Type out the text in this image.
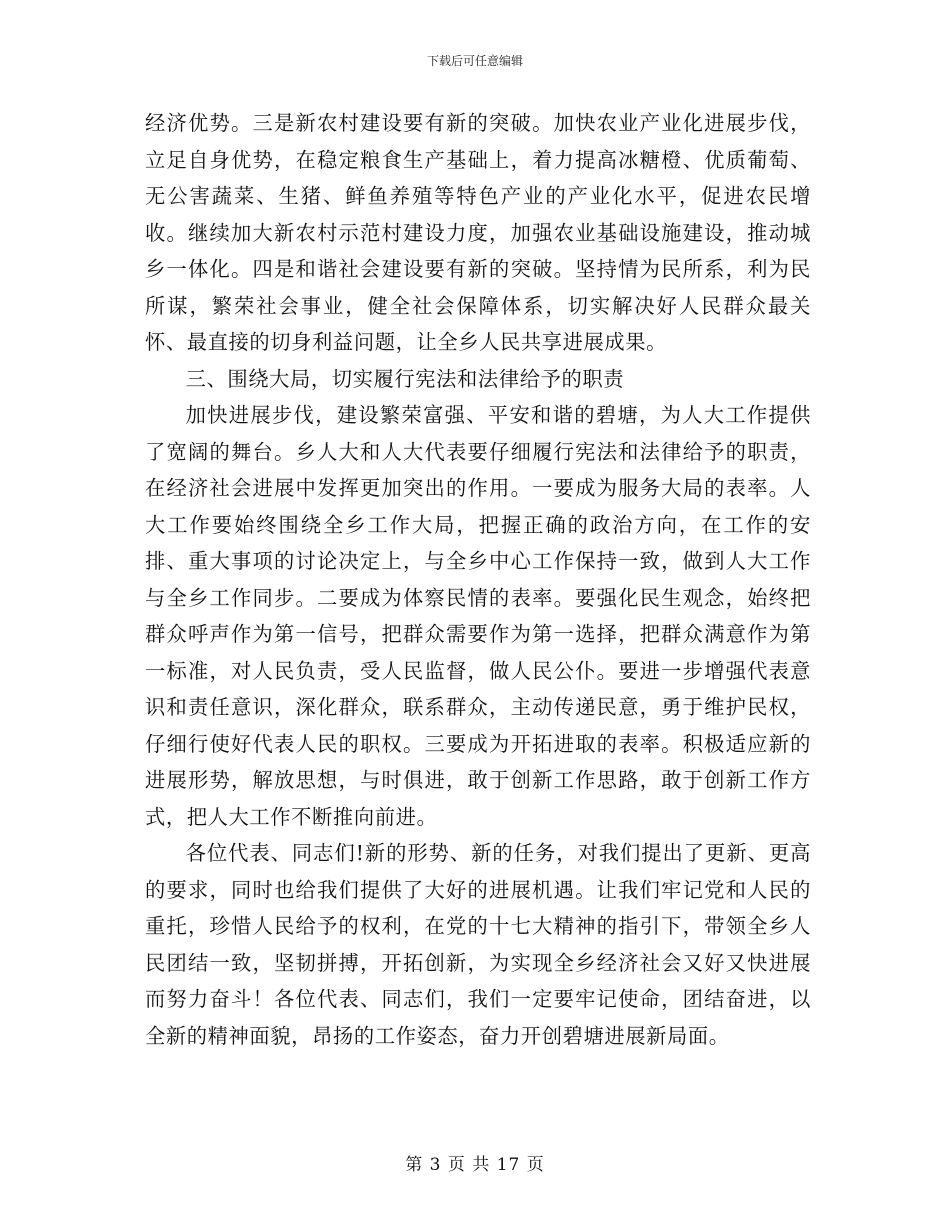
下载后可任意编辑

经济优势。三是新农村建设要有新的突破。加快农业产业化进展步伐，立足自身优势，在稳定粮食生产基础上，着力提高冰糖橙、优质葡萄、无公害蔬菜、生猪、鲜鱼养殖等特色产业的产业化水平，促进农民增收。继续加大新农村示范村建设力度，加强农业基础设施建设，推动城乡一体化。四是和谐社会建设要有新的突破。坚持情为民所系，利为民所谋，繁荣社会事业，健全社会保障体系，切实解决好人民群众最关怀、最直接的切身利益问题，让全乡人民共享进展成果。

三、围绕大局，切实履行宪法和法律给予的职责

加快进展步伐，建设繁荣富强、平安和谐的碧塘，为人大工作提供了宽阔的舞台。乡人大和人大代表要仔细履行宪法和法律给予的职责，在经济社会进展中发挥更加突出的作用。一要成为服务大局的表率。人大工作要始终围绕全乡工作大局，把握正确的政治方向，在工作的安排、重大事项的讨论决定上，与全乡中心工作保持一致，做到人大工作与全乡工作同步。二要成为体察民情的表率。要强化民生观念，始终把群众呼声作为第一信号，把群众需要作为第一选择，把群众满意作为第一标准，对人民负责，受人民监督，做人民公仆。要进一步增强代表意识和责任意识，深化群众，联系群众，主动传递民意，勇于维护民权，仔细行使好代表人民的职权。三要成为开拓进取的表率。积极适应新的进展形势，解放思想，与时俱进，敢于创新工作思路，敢于创新工作方式，把人大工作不断推向前进。

各位代表、同志们!新的形势、新的任务，对我们提出了更新、更高的要求，同时也给我们提供了大好的进展机遇。让我们牢记党和人民的重托，珍惜人民给予的权利，在党的十七大精神的指引下，带领全乡人民团结一致，坚韧拼搏，开拓创新，为实现全乡经济社会又好又快进展而努力奋斗！各位代表、同志们，我们一定要牢记使命，团结奋进，以全新的精神面貌，昂扬的工作姿态，奋力开创碧塘进展新局面。

第 3 页 共 17 页
